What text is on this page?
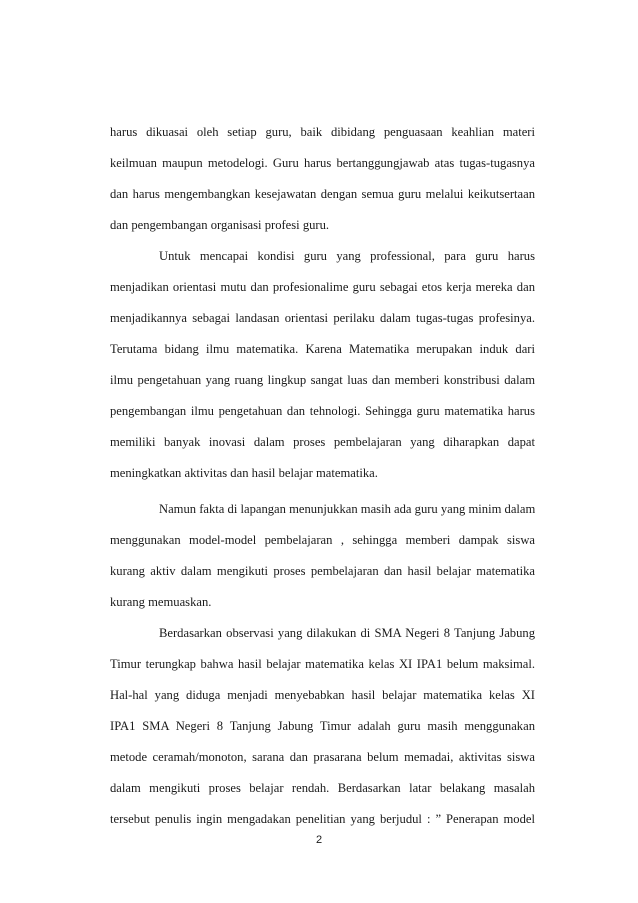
harus dikuasai oleh setiap guru, baik dibidang penguasaan keahlian materi
keilmuan maupun metodelogi. Guru harus bertanggungjawab atas tugas-tugasnya
dan harus mengembangkan kesejawatan dengan semua guru melalui keikutsertaan
dan pengembangan organisasi profesi guru.
Untuk mencapai kondisi guru yang professional, para guru harus
menjadikan orientasi mutu dan profesionalime guru sebagai etos kerja mereka dan
menjadikannya sebagai landasan orientasi perilaku dalam tugas-tugas profesinya.
Terutama bidang ilmu matematika. Karena Matematika merupakan induk dari
ilmu pengetahuan yang ruang lingkup sangat luas dan memberi konstribusi dalam
pengembangan ilmu pengetahuan dan tehnologi. Sehingga guru matematika harus
memiliki banyak inovasi dalam proses pembelajaran yang diharapkan dapat
meningkatkan aktivitas dan hasil belajar matematika.
Namun fakta di lapangan menunjukkan masih ada guru yang minim dalam
menggunakan model-model pembelajaran , sehingga memberi dampak siswa
kurang aktiv dalam mengikuti proses pembelajaran dan hasil belajar matematika
kurang memuaskan.
Berdasarkan observasi yang dilakukan di SMA Negeri 8 Tanjung Jabung
Timur terungkap bahwa hasil belajar matematika kelas XI IPA1 belum maksimal.
Hal-hal yang diduga menjadi menyebabkan hasil belajar matematika kelas XI
IPA1 SMA Negeri 8 Tanjung Jabung Timur adalah guru masih menggunakan
metode ceramah/monoton, sarana dan prasarana belum memadai, aktivitas siswa
dalam mengikuti proses belajar rendah. Berdasarkan latar belakang masalah
tersebut penulis ingin mengadakan penelitian yang berjudul : ” Penerapan model
2
